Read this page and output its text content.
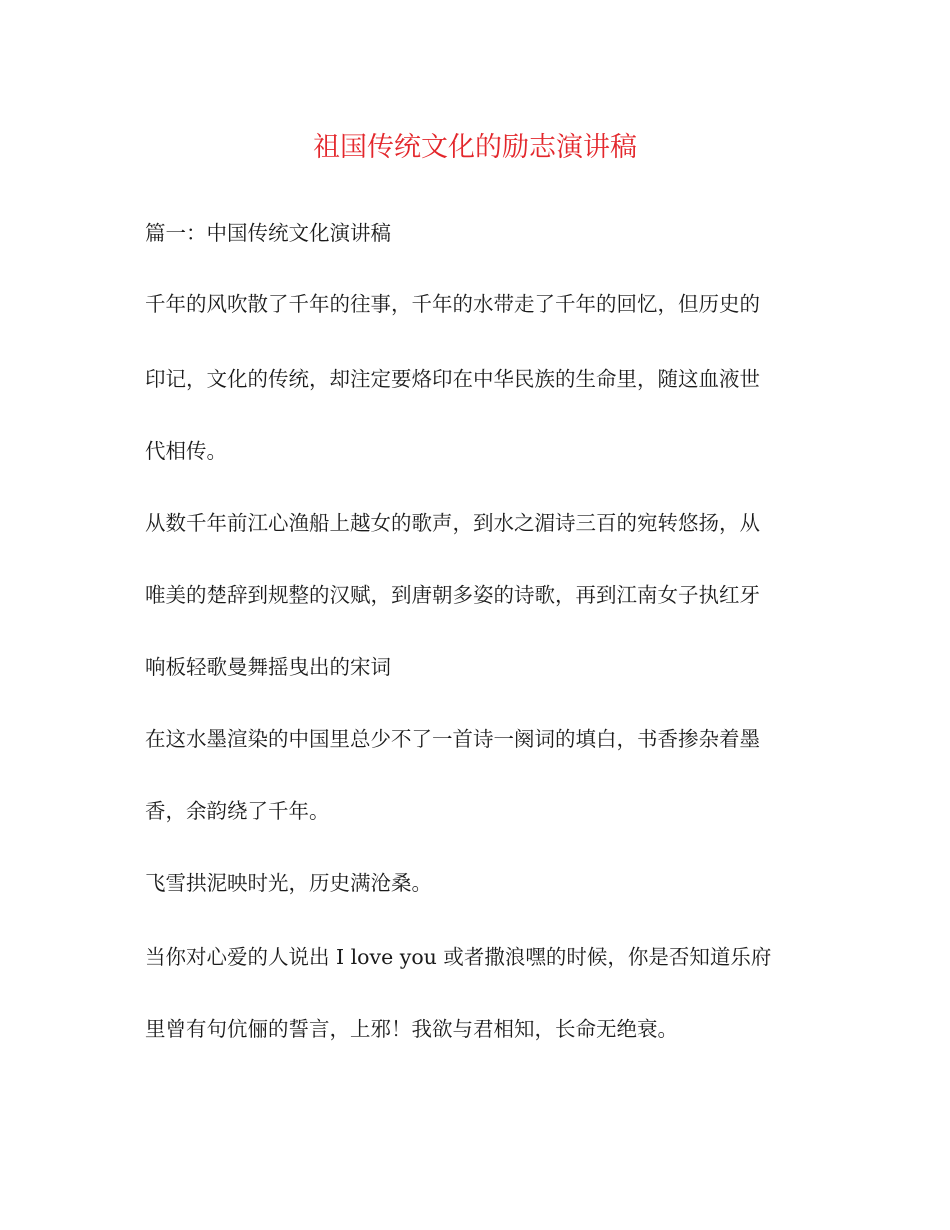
祖国传统文化的励志演讲稿

篇一：中国传统文化演讲稿

千年的风吹散了千年的往事，千年的水带走了千年的回忆，但历史的

印记，文化的传统，却注定要烙印在中华民族的生命里，随这血液世

代相传。

从数千年前江心渔船上越女的歌声，到水之湄诗三百的宛转悠扬，从

唯美的楚辞到规整的汉赋，到唐朝多姿的诗歌，再到江南女子执红牙

响板轻歌曼舞摇曳出的宋词

在这水墨渲染的中国里总少不了一首诗一阕词的填白，书香掺杂着墨

香，余韵绕了千年。

飞雪拱泥映时光，历史满沧桑。

当你对心爱的人说出 I love you 或者撒浪嘿的时候，你是否知道乐府

里曾有句伉俪的誓言，上邪！我欲与君相知，长命无绝衰。
